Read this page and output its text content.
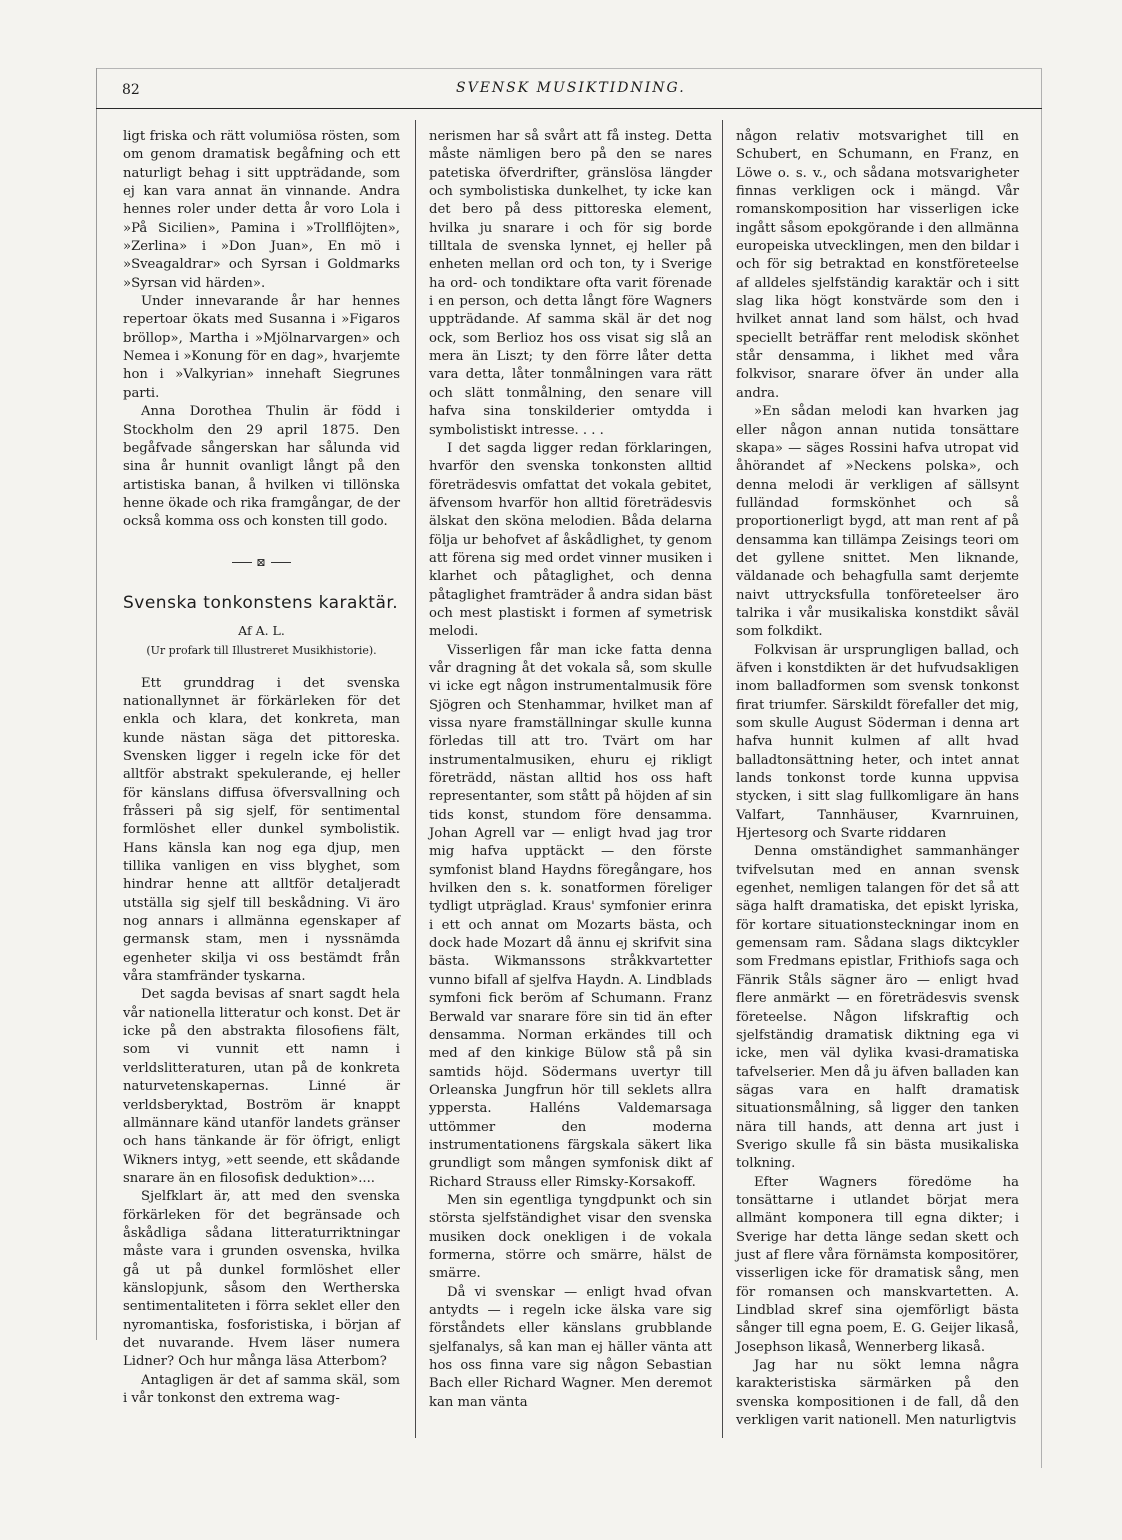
82	SVENSK MUSIKTIDNING.

ligt friska och rätt volumiösa rösten, som om genom dramatisk begåfning och ett naturligt behag i sitt uppträdande, som ej kan vara annat än vinnande. Andra hennes roler under detta år voro Lola i »På Sicilien», Pamina i »Trollflöjten», »Zerlina» i »Don Juan», En mö i »Sveagaldrar» och Syrsan i Goldmarks »Syrsan vid härden».

Under innevarande år har hennes repertoar ökats med Susanna i »Figaros bröllop», Martha i »Mjölnarvargen» och Nemea i »Konung för en dag», hvarjemte hon i »Valkyrian» innehaft Siegrunes parti.

Anna Dorothea Thulin är född i Stockholm den 29 april 1875. Den begåfvade sångerskan har sålunda vid sina år hunnit ovanligt långt på den artistiska banan, å hvilken vi tillönska henne ökade och rika framgångar, de der också komma oss och konsten till godo.

⊠
Svenska tonkonstens karaktär.
Af A. L.
(Ur profark till Illustreret Musikhistorie).

Ett grunddrag i det svenska nationallynnet är förkärleken för det enkla och klara, det konkreta, man kunde nästan säga det pittoreska. Svensken ligger i regeln icke för det alltför abstrakt spekulerande, ej heller för känslans diffusa öfversvallning och fråsseri på sig sjelf, för sentimental formlöshet eller dunkel symbolistik. Hans känsla kan nog ega djup, men tillika vanligen en viss blyghet, som hindrar henne att alltför detaljeradt utställa sig sjelf till beskådning. Vi äro nog annars i allmänna egenskaper af germansk stam, men i nyssnämda egenheter skilja vi oss bestämdt från våra stamfränder tyskarna.

Det sagda bevisas af snart sagdt hela vår nationella litteratur och konst. Det är icke på den abstrakta filosofiens fält, som vi vunnit ett namn i verldslitteraturen, utan på de konkreta naturvetenskapernas. Linné är verldsberyktad, Boström är knappt allmännare känd utanför landets gränser och hans tänkande är för öfrigt, enligt Wikners intyg, »ett seende, ett skådande snarare än en filosofisk deduktion»....

Sjelfklart är, att med den svenska förkärleken för det begränsade och åskådliga sådana litteraturriktningar måste vara i grunden osvenska, hvilka gå ut på dunkel formlöshet eller känslopjunk, såsom den Wertherska sentimentaliteten i förra seklet eller den nyromantiska, fosforistiska, i början af det nuvarande. Hvem läser numera Lidner? Och hur många läsa Atterbom?

Antagligen är det af samma skäl, som i vår tonkonst den extrema wag-

nerismen har så svårt att få insteg. Detta måste nämligen bero på den se nares patetiska öfverdrifter, gränslösa längder och symbolistiska dunkelhet, ty icke kan det bero på dess pittoreska element, hvilka ju snarare i och för sig borde tilltala de svenska lynnet, ej heller på enheten mellan ord och ton, ty i Sverige ha ord- och tondiktare ofta varit förenade i en person, och detta långt före Wagners uppträdande. Af samma skäl är det nog ock, som Berlioz hos oss visat sig slå an mera än Liszt; ty den förre låter detta vara detta, låter tonmålningen vara rätt och slätt tonmålning, den senare vill hafva sina tonskilderier omtydda i symbolistiskt intresse. . . .

I det sagda ligger redan förklaringen, hvarför den svenska tonkonsten alltid företrädesvis omfattat det vokala gebitet, äfvensom hvarför hon alltid företrädesvis älskat den sköna melodien. Båda delarna följa ur behofvet af åskådlighet, ty genom att förena sig med ordet vinner musiken i klarhet och påtaglighet, och denna påtaglighet framträder å andra sidan bäst och mest plastiskt i formen af symetrisk melodi.

Visserligen får man icke fatta denna vår dragning åt det vokala så, som skulle vi icke egt någon instrumentalmusik före Sjögren och Stenhammar, hvilket man af vissa nyare framställningar skulle kunna förledas till att tro. Tvärt om har instrumentalmusiken, ehuru ej rikligt företrädd, nästan alltid hos oss haft representanter, som stått på höjden af sin tids konst, stundom före densamma. Johan Agrell var — enligt hvad jag tror mig hafva upptäckt — den förste symfonist bland Haydns föregångare, hos hvilken den s. k. sonatformen föreliger tydligt utpräglad. Kraus' symfonier erinra i ett och annat om Mozarts bästa, och dock hade Mozart då ännu ej skrifvit sina bästa. Wikmanssons stråkkvartetter vunno bifall af sjelfva Haydn. A. Lindblads symfoni fick beröm af Schumann. Franz Berwald var snarare före sin tid än efter densamma. Norman erkändes till och med af den kinkige Bülow stå på sin samtids höjd. Södermans uvertyr till Orleanska Jungfrun hör till seklets allra yppersta. Halléns Valdemarsaga uttömmer den moderna instrumentationens färgskala säkert lika grundligt som mången symfonisk dikt af Richard Strauss eller Rimsky-Korsakoff.

Men sin egentliga tyngdpunkt och sin största sjelfständighet visar den svenska musiken dock onekligen i de vokala formerna, större och smärre, hälst de smärre.

Då vi svenskar — enligt hvad ofvan antydts — i regeln icke älska vare sig förståndets eller känslans grubblande sjelfanalys, så kan man ej häller vänta att hos oss finna vare sig någon Sebastian Bach eller Richard Wagner. Men deremot kan man vänta

någon relativ motsvarighet till en Schubert, en Schumann, en Franz, en Löwe o. s. v., och sådana motsvarigheter finnas verkligen ock i mängd. Vår romanskomposition har visserligen icke ingått såsom epokgörande i den allmänna europeiska utvecklingen, men den bildar i och för sig betraktad en konstföreteelse af alldeles sjelfständig karaktär och i sitt slag lika högt konstvärde som den i hvilket annat land som hälst, och hvad speciellt beträffar rent melodisk skönhet står densamma, i likhet med våra folkvisor, snarare öfver än under alla andra.

»En sådan melodi kan hvarken jag eller någon annan nutida tonsättare skapa» — säges Rossini hafva utropat vid åhörandet af »Neckens polska», och denna melodi är verkligen af sällsynt fulländad formskönhet och så proportionerligt bygd, att man rent af på densamma kan tillämpa Zeisings teori om det gyllene snittet. Men liknande, väldanade och behagfulla samt derjemte naivt uttrycksfulla tonföreteelser äro talrika i vår musikaliska konstdikt såväl som folkdikt.

Folkvisan är ursprungligen ballad, och äfven i konstdikten är det hufvudsakligen inom balladformen som svensk tonkonst firat triumfer. Särskildt förefaller det mig, som skulle August Söderman i denna art hafva hunnit kulmen af allt hvad balladtonsättning heter, och intet annat lands tonkonst torde kunna uppvisa stycken, i sitt slag fullkomligare än hans Valfart, Tannhäuser, Kvarnruinen, Hjertesorg och Svarte riddaren

Denna omständighet sammanhänger tvifvelsutan med en annan svensk egenhet, nemligen talangen för det så att säga halft dramatiska, det episkt lyriska, för kortare situationsteckningar inom en gemensam ram. Sådana slags diktcykler som Fredmans epistlar, Frithiofs saga och Fänrik Ståls sägner äro — enligt hvad flere anmärkt — en företrädesvis svensk företeelse. Någon lifskraftig och sjelfständig dramatisk diktning ega vi icke, men väl dylika kvasi-dramatiska tafvelserier. Men då ju äfven balladen kan sägas vara en halft dramatisk situationsmålning, så ligger den tanken nära till hands, att denna art just i Sverigo skulle få sin bästa musikaliska tolkning.

Efter Wagners föredöme ha tonsättarne i utlandet börjat mera allmänt komponera till egna dikter; i Sverige har detta länge sedan skett och just af flere våra förnämsta kompositörer, visserligen icke för dramatisk sång, men för romansen och manskvartetten. A. Lindblad skref sina ojemförligt bästa sånger till egna poem, E. G. Geijer likaså, Josephson likaså, Wennerberg likaså.

Jag har nu sökt lemna några karakteristiska särmärken på den svenska kompositionen i de fall, då den verkligen varit nationell. Men naturligtvis
